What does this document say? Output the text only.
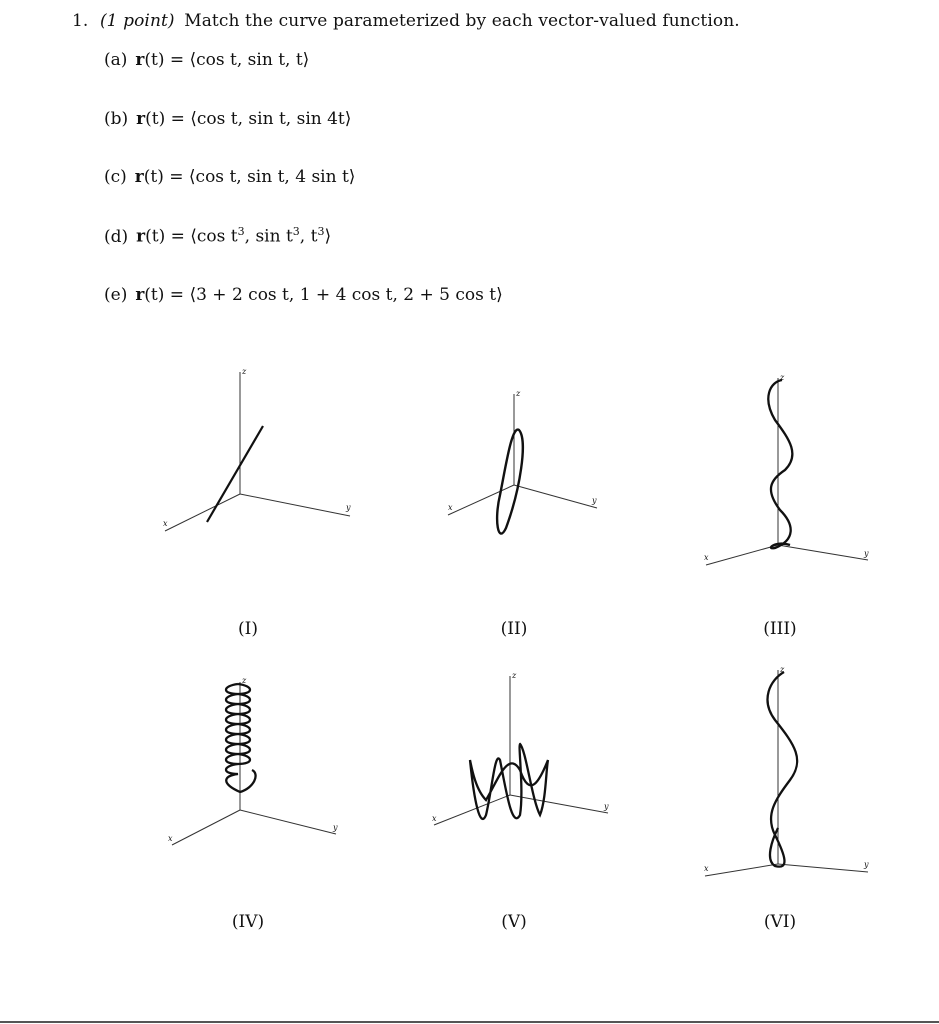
1. (1 point) Match the curve parameterized by each vector-valued function.
(a) r(t) = ⟨cos t, sin t, t⟩
(b) r(t) = ⟨cos t, sin t, sin 4t⟩
(c) r(t) = ⟨cos t, sin t, 4 sin t⟩
(d) r(t) = ⟨cos $t^3$, $\sin t^3$, $t^3⟩$
(e) r(t) = ⟨3 + 2 cos t, 1 + 4 cos t, 2 + 5 cos t⟩
z
y
x
z
y
x
z
y
x
z
y
x
z
y
x
z
y
x
(I)	(II)	(III)
(IV)	(V)	(VI)
